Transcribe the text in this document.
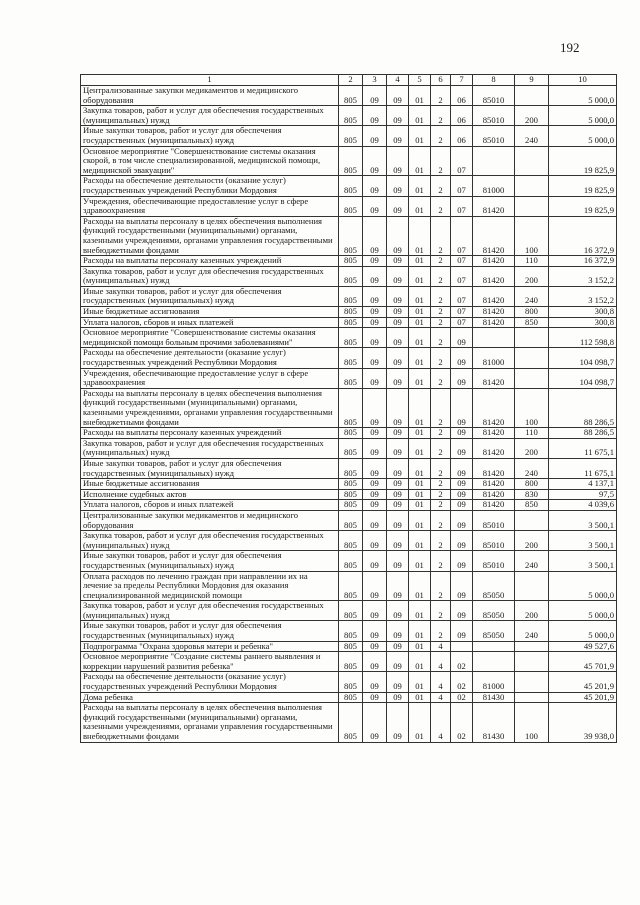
192
1	2	3	4	5	6	7	8	9	10
Централизованные закупки медикаментов и медицинского оборудования	805	09	09	01	2	06	85010		5 000,0
Закупка товаров, работ и услуг для обеспечения государственных (муниципальных) нужд	805	09	09	01	2	06	85010	200	5 000,0
Иные закупки товаров, работ и услуг для обеспечения государственных (муниципальных) нужд	805	09	09	01	2	06	85010	240	5 000,0
Основное мероприятие "Совершенствование системы оказания скорой, в том числе специализированной, медицинской помощи, медицинской эвакуации"	805	09	09	01	2	07			19 825,9
Расходы на обеспечение деятельности (оказание услуг) государственных учреждений Республики Мордовия	805	09	09	01	2	07	81000		19 825,9
Учреждения, обеспечивающие предоставление услуг в сфере здравоохранения	805	09	09	01	2	07	81420		19 825,9
Расходы на выплаты персоналу в целях обеспечения выполнения функций государственными (муниципальными) органами, казенными учреждениями, органами управления государственными внебюджетными фондами	805	09	09	01	2	07	81420	100	16 372,9
Расходы на выплаты персоналу казенных учреждений	805	09	09	01	2	07	81420	110	16 372,9
Закупка товаров, работ и услуг для обеспечения государственных (муниципальных) нужд	805	09	09	01	2	07	81420	200	3 152,2
Иные закупки товаров, работ и услуг для обеспечения государственных (муниципальных) нужд	805	09	09	01	2	07	81420	240	3 152,2
Иные бюджетные ассигнования	805	09	09	01	2	07	81420	800	300,8
Уплата налогов, сборов и иных платежей	805	09	09	01	2	07	81420	850	300,8
Основное мероприятие "Совершенствование системы оказания медицинской помощи больным прочими заболеваниями"	805	09	09	01	2	09			112 598,8
Расходы на обеспечение деятельности (оказание услуг) государственных учреждений Республики Мордовия	805	09	09	01	2	09	81000		104 098,7
Учреждения, обеспечивающие предоставление услуг в сфере здравоохранения	805	09	09	01	2	09	81420		104 098,7
Расходы на выплаты персоналу в целях обеспечения выполнения функций государственными (муниципальными) органами, казенными учреждениями, органами управления государственными внебюджетными фондами	805	09	09	01	2	09	81420	100	88 286,5
Расходы на выплаты персоналу казенных учреждений	805	09	09	01	2	09	81420	110	88 286,5
Закупка товаров, работ и услуг для обеспечения государственных (муниципальных) нужд	805	09	09	01	2	09	81420	200	11 675,1
Иные закупки товаров, работ и услуг для обеспечения государственных (муниципальных) нужд	805	09	09	01	2	09	81420	240	11 675,1
Иные бюджетные ассигнования	805	09	09	01	2	09	81420	800	4 137,1
Исполнение судебных актов	805	09	09	01	2	09	81420	830	97,5
Уплата налогов, сборов и иных платежей	805	09	09	01	2	09	81420	850	4 039,6
Централизованные закупки медикаментов и медицинского оборудования	805	09	09	01	2	09	85010		3 500,1
Закупка товаров, работ и услуг для обеспечения государственных (муниципальных) нужд	805	09	09	01	2	09	85010	200	3 500,1
Иные закупки товаров, работ и услуг для обеспечения государственных (муниципальных) нужд	805	09	09	01	2	09	85010	240	3 500,1
Оплата расходов по лечению граждан при направлении их на лечение за пределы Республики Мордовия для оказания специализированной медицинской помощи	805	09	09	01	2	09	85050		5 000,0
Закупка товаров, работ и услуг для обеспечения государственных (муниципальных) нужд	805	09	09	01	2	09	85050	200	5 000,0
Иные закупки товаров, работ и услуг для обеспечения государственных (муниципальных) нужд	805	09	09	01	2	09	85050	240	5 000,0
Подпрограмма "Охрана здоровья матери и ребенка"	805	09	09	01	4				49 527,6
Основное мероприятие "Создание системы раннего выявления и коррекции нарушений развития ребенка"	805	09	09	01	4	02			45 701,9
Расходы на обеспечение деятельности (оказание услуг) государственных учреждений Республики Мордовия	805	09	09	01	4	02	81000		45 201,9
Дома ребенка	805	09	09	01	4	02	81430		45 201,9
Расходы на выплаты персоналу в целях обеспечения выполнения функций государственными (муниципальными) органами, казенными учреждениями, органами управления государственными внебюджетными фондами	805	09	09	01	4	02	81430	100	39 938,0
